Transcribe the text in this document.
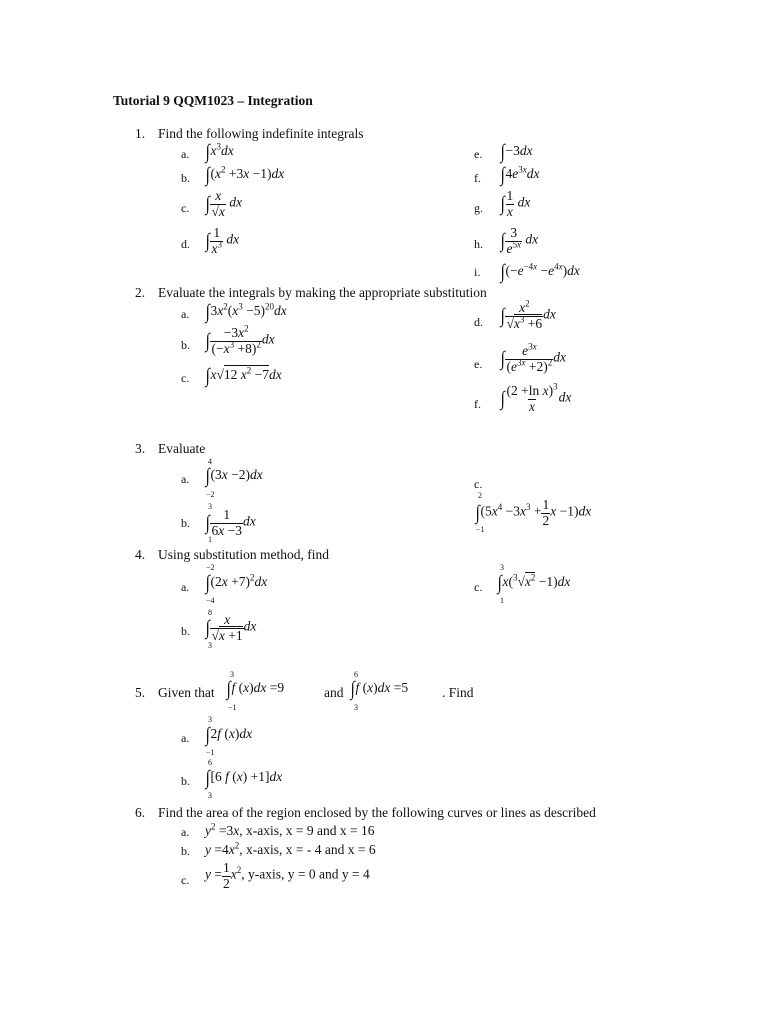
Tutorial 9 QQM1023 – Integration
1. Find the following indefinite integrals
a. $\int x^3dx$
b. $\int(x^2 +3x -1)dx$
c. ∫ $\frac{x}{√x}$ dx
d. ∫ $\frac{1}{x^3}$ dx
e. ∫−3dx
f. $\int 4e^{3x}dx$
g. ∫ $\frac{1}{x}$ dx
h. ∫ $\frac{3}{e^{5x}}$ dx
i. $\int(-e^{-4x} -e^{4x})dx$
2. Evaluate the integrals by making the appropriate substitution
a. $\int 3x^2(x^3 -5)^{20}dx$
b. ∫ $\frac{-3x^2}{(-x^3 +8)^2}$ dx
c. ∫x√12 $x^2 -7dx$
d. ∫ $\frac{x^2}{√x^3 +6}$ dx
e. ∫ $\frac{e^{3x}}{(e^{3x} +2)^2}$ dx
f. ∫ $\frac{(2 +\ln x)^3}{x}$ dx
3. Evaluate
a.
4
−2
∫(3x −2)dx
b.
3
1
∫ $\frac{1}{6x -3}$ dx
c.
2
−1
$\int(5x^4 -3x^3 + \frac{1}{2}$ x −1)dx
4. Using substitution method, find
a.
−2
−4
$\int(2x +7)^2dx$
b.
8
3
∫ $\frac{x}{√x +1}$ dx
c.
3
1
$\int x(^3√x^2 -1)dx$
5. Given that
3
−1
∫f (x)dx =9	and
6
3
∫f (x)dx =5	. Find
a.
3
−1
∫2f (x)dx
b.
6
3
∫[6 f (x) +1]dx
6. Find the area of the region enclosed by the following curves or lines as described
a. $y^2 =3x$, x-axis, x = 9 and x = 16
b. $y =4x^2$, x-axis, x = - 4 and x = 6
c. $y = \frac{1}{2} x^2$, y-axis, y = 0 and y = 4
